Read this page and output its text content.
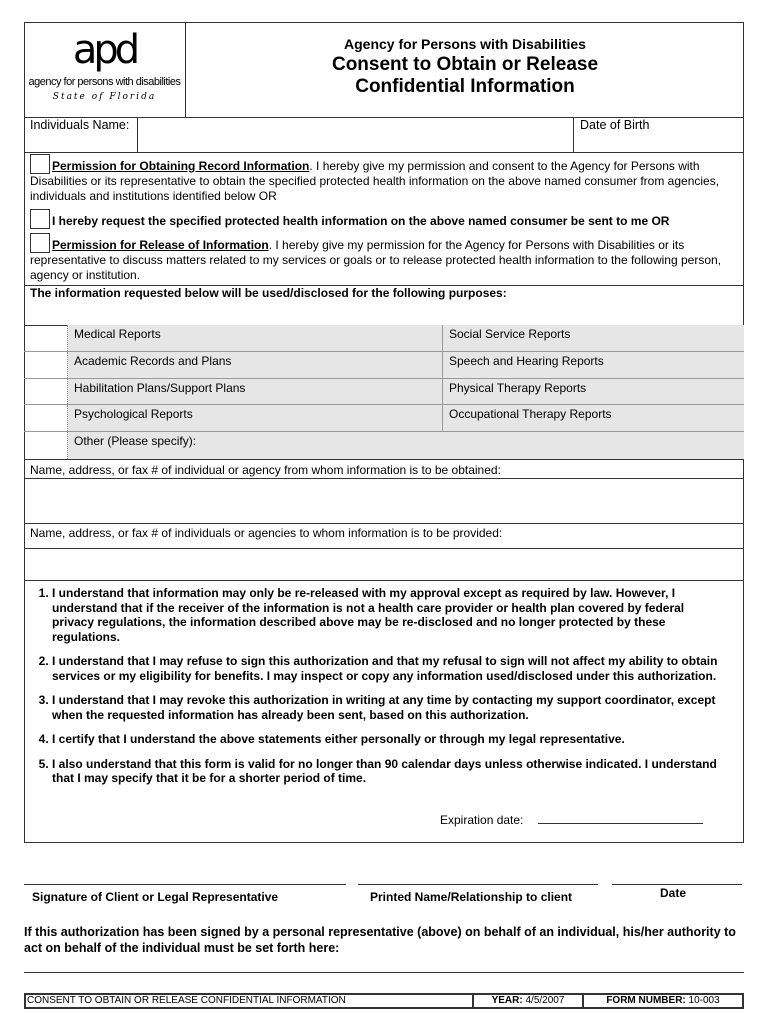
apd
agency for persons with disabilities
State of Florida
Agency for Persons with Disabilities
Consent to Obtain or Release
Confidential Information
Individuals Name:	Date of Birth
Permission for Obtaining Record Information. I hereby give my permission and consent to the Agency for Persons with Disabilities or its representative to obtain the specified protected health information on the above named consumer from agencies, individuals and institutions identified below OR
I hereby request the specified protected health information on the above named consumer be sent to me OR
Permission for Release of Information. I hereby give my permission for the Agency for Persons with Disabilities or its representative to discuss matters related to my services or goals or to release protected health information to the following person, agency or institution.
The information requested below will be used/disclosed for the following purposes:
Medical Reports	Social Service Reports
Academic Records and Plans	Speech and Hearing Reports
Habilitation Plans/Support Plans	Physical Therapy Reports
Psychological Reports	Occupational Therapy Reports
Other (Please specify):
Name, address, or fax # of individual or agency from whom information is to be obtained:
Name, address, or fax # of individuals or agencies to whom information is to be provided:
1. I understand that information may only be re-released with my approval except as required by law. However, I understand that if the receiver of the information is not a health care provider or health plan covered by federal privacy regulations, the information described above may be re-disclosed and no longer protected by these regulations.
2. I understand that I may refuse to sign this authorization and that my refusal to sign will not affect my ability to obtain services or my eligibility for benefits. I may inspect or copy any information used/disclosed under this authorization.
3. I understand that I may revoke this authorization in writing at any time by contacting my support coordinator, except when the requested information has already been sent, based on this authorization.
4. I certify that I understand the above statements either personally or through my legal representative.
5. I also understand that this form is valid for no longer than 90 calendar days unless otherwise indicated. I understand that I may specify that it be for a shorter period of time.
Expiration date:
Signature of Client or Legal Representative	Printed Name/Relationship to client	Date
If this authorization has been signed by a personal representative (above) on behalf of an individual, his/her authority to act on behalf of the individual must be set forth here:
CONSENT TO OBTAIN OR RELEASE CONFIDENTIAL INFORMATION	YEAR: 4/5/2007	FORM NUMBER: 10-003
